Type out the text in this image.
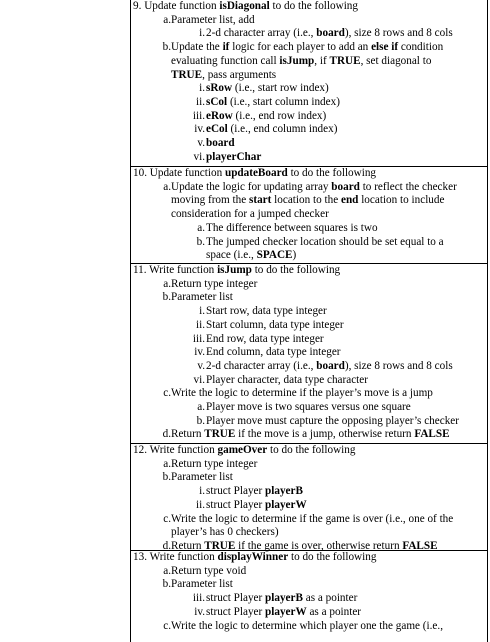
9. Update function isDiagonal to do the following
a. Parameter list, add
i. 2-d character array (i.e., board), size 8 rows and 8 cols
b. Update the if logic for each player to add an else if condition
evaluating function call isJump, if TRUE, set diagonal to
TRUE, pass arguments
i. sRow (i.e., start row index)
ii. sCol (i.e., start column index)
iii. eRow (i.e., end row index)
iv. eCol (i.e., end column index)
v. board
vi. playerChar
10. Update function updateBoard to do the following
a. Update the logic for updating array board to reflect the checker
moving from the start location to the end location to include
consideration for a jumped checker
a. The difference between squares is two
b. The jumped checker location should be set equal to a
space (i.e., SPACE)
11. Write function isJump to do the following
a. Return type integer
b. Parameter list
i. Start row, data type integer
ii. Start column, data type integer
iii. End row, data type integer
iv. End column, data type integer
v. 2-d character array (i.e., board), size 8 rows and 8 cols
vi. Player character, data type character
c. Write the logic to determine if the player’s move is a jump
a. Player move is two squares versus one square
b. Player move must capture the opposing player’s checker
d. Return TRUE if the move is a jump, otherwise return FALSE
12. Write function gameOver to do the following
a. Return type integer
b. Parameter list
i. struct Player playerB
ii. struct Player playerW
c. Write the logic to determine if the game is over (i.e., one of the
player’s has 0 checkers)
d. Return TRUE if the game is over, otherwise return FALSE
13. Write function displayWinner to do the following
a. Return type void
b. Parameter list
iii. struct Player playerB as a pointer
iv. struct Player playerW as a pointer
c. Write the logic to determine which player one the game (i.e.,
